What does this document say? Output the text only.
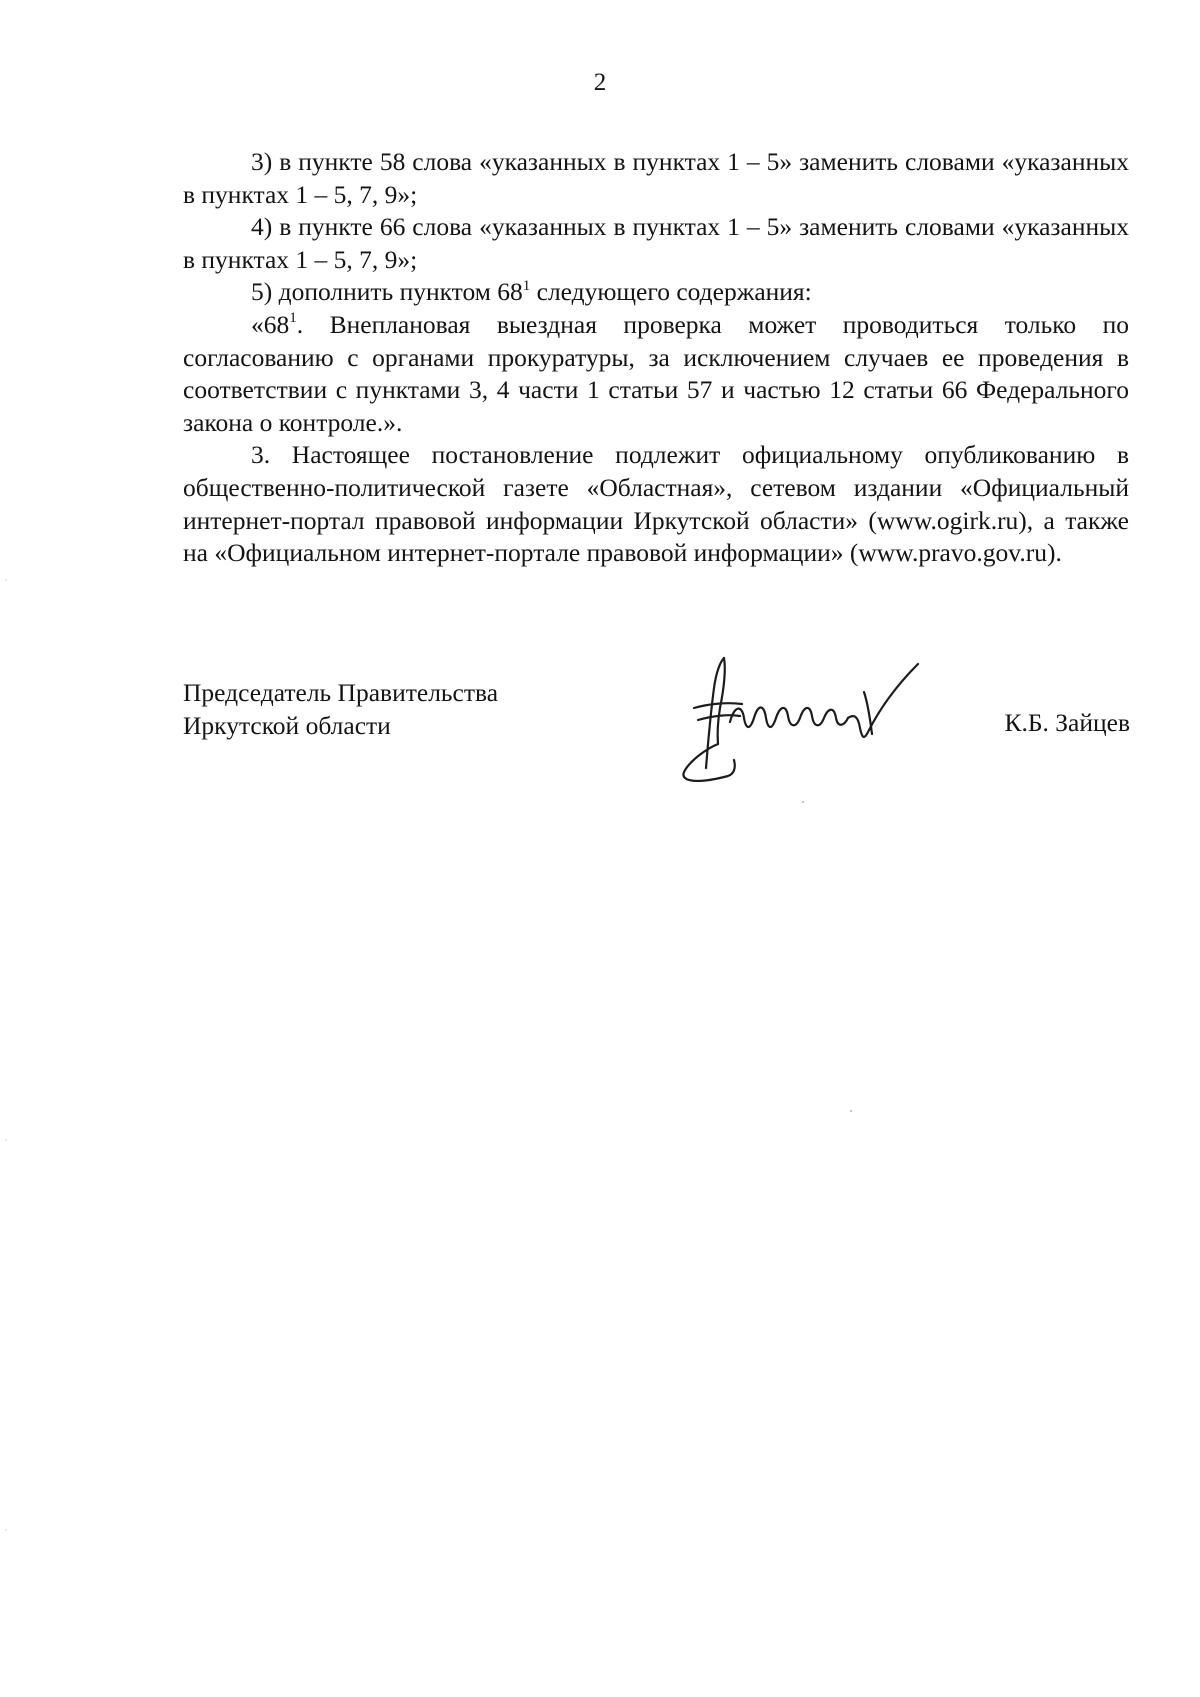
2

3) в пункте 58 слова «указанных в пунктах 1 – 5» заменить словами «указанных в пунктах 1 – 5, 7, 9»;

4) в пункте 66 слова «указанных в пунктах 1 – 5» заменить словами «указанных в пунктах 1 – 5, 7, 9»;

5) дополнить пунктом $68^1$ следующего содержания:

«$68^1$. Внеплановая выездная проверка может проводиться только по согласованию с органами прокуратуры, за исключением случаев ее проведения в соответствии с пунктами 3, 4 части 1 статьи 57 и частью 12 статьи 66 Федерального закона о контроле.».

3. Настоящее постановление подлежит официальному опубликованию в общественно-политической газете «Областная», сетевом издании «Официальный интернет-портал правовой информации Иркутской области» (www.ogirk.ru), а также на «Официальном интернет-портале правовой информации» (www.pravo.gov.ru).

Председатель Правительства
Иркутской области	К.Б. Зайцев
